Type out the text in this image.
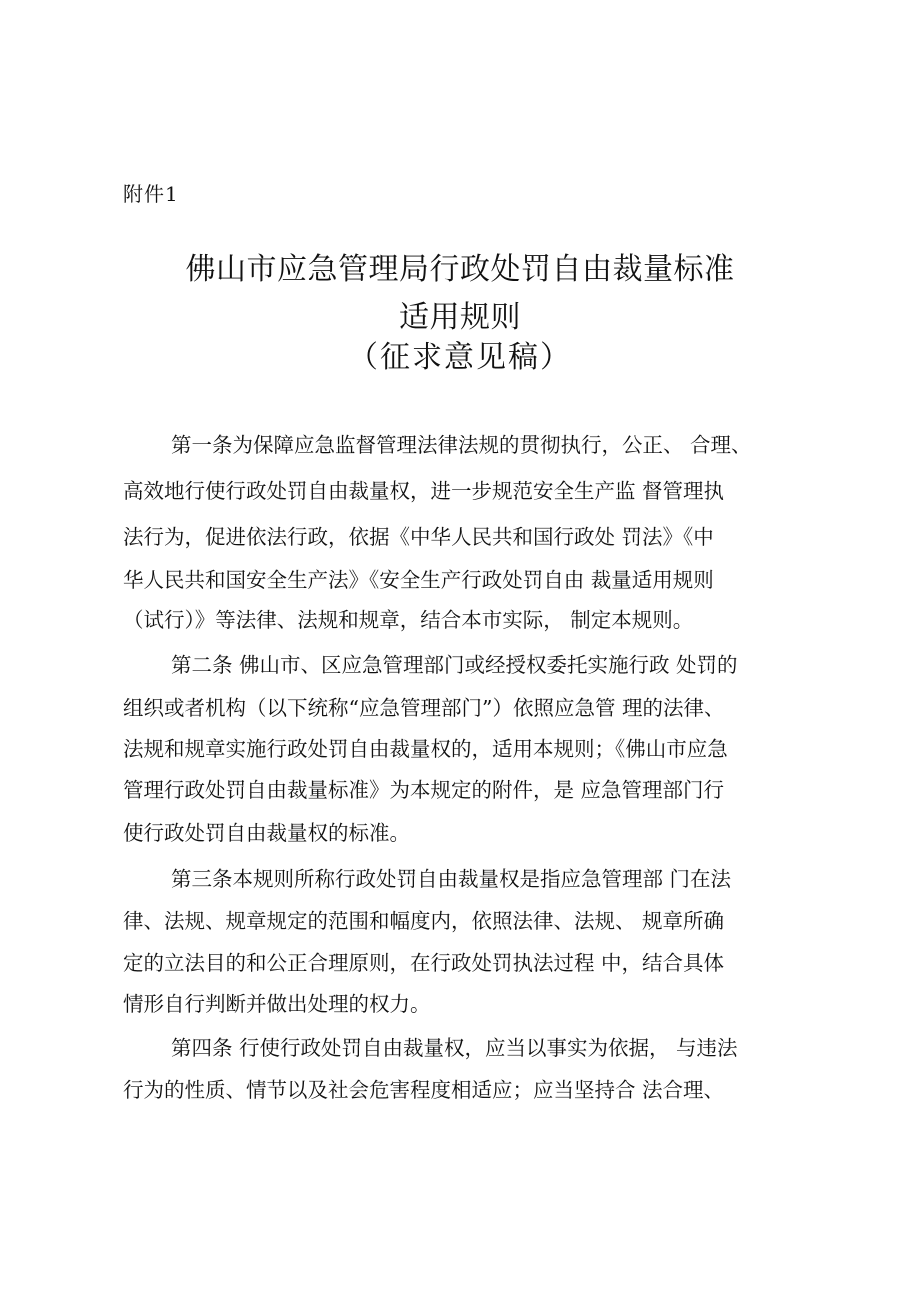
附件1
佛山市应急管理局行政处罚自由裁量标准
适用规则
（征求意见稿）
第一条为保障应急监督管理法律法规的贯彻执行，公正、 合理、
高效地行使行政处罚自由裁量权，进一步规范安全生产监 督管理执
法行为，促进依法行政，依据《中华人民共和国行政处 罚法》《中
华人民共和国安全生产法》《安全生产行政处罚自由 裁量适用规则
（试行）》等法律、法规和规章，结合本市实际， 制定本规则。
第二条 佛山市、区应急管理部门或经授权委托实施行政 处罚的
组织或者机构（以下统称“应急管理部门”）依照应急管 理的法律、
法规和规章实施行政处罚自由裁量权的，适用本规则；《佛山市应急
管理行政处罚自由裁量标准》为本规定的附件，是 应急管理部门行
使行政处罚自由裁量权的标准。
第三条本规则所称行政处罚自由裁量权是指应急管理部 门在法
律、法规、规章规定的范围和幅度内，依照法律、法规、 规章所确
定的立法目的和公正合理原则，在行政处罚执法过程 中，结合具体
情形自行判断并做出处理的权力。
第四条 行使行政处罚自由裁量权，应当以事实为依据， 与违法
行为的性质、情节以及社会危害程度相适应；应当坚持合 法合理、
